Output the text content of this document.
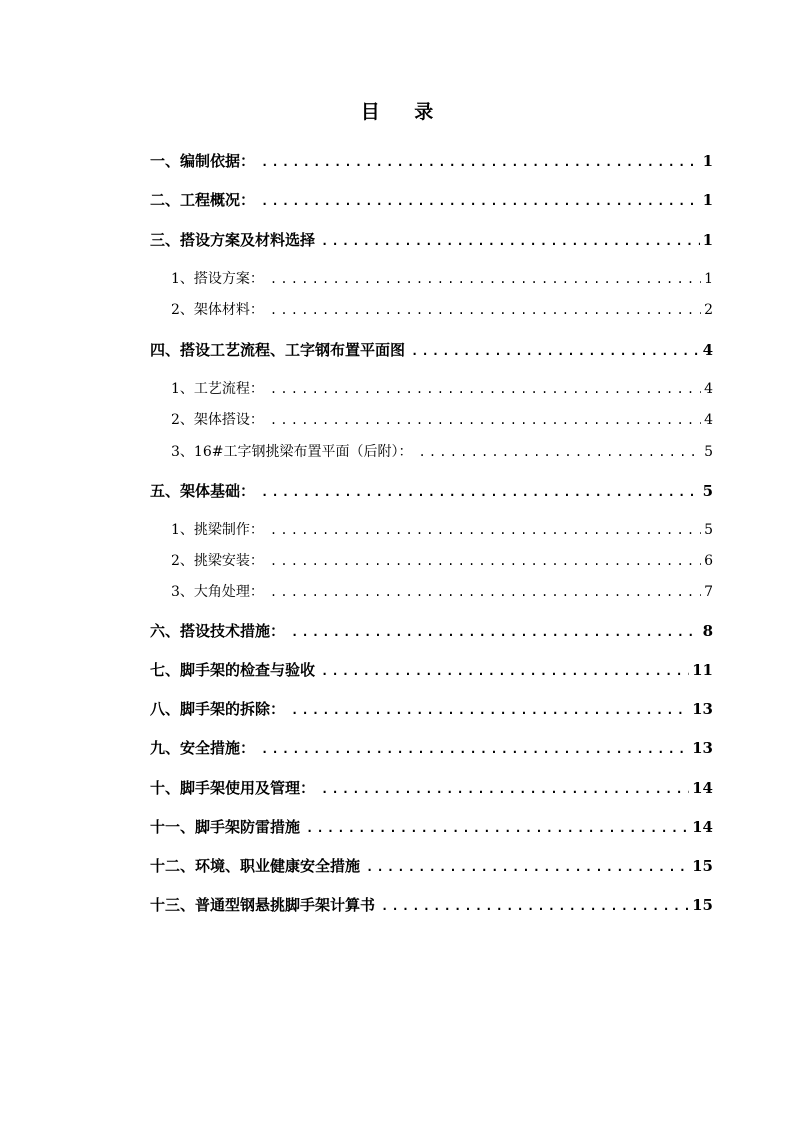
目 录
一、编制依据： .....	1
二、工程概况： .....	1
三、搭设方案及材料选择 .....	1
1、搭设方案： .....	1
2、架体材料： .....	2
四、搭设工艺流程、工字钢布置平面图 .....	4
1、工艺流程： .....	4
2、架体搭设： .....	4
3、16#工字钢挑梁布置平面（后附）： .....	5
五、架体基础： .....	5
1、挑梁制作： .....	5
2、挑梁安装： .....	6
3、大角处理： .....	7
六、搭设技术措施： .....	8
七、脚手架的检查与验收 .....	11
八、脚手架的拆除： .....	13
九、安全措施： .....	13
十、脚手架使用及管理： .....	14
十一、脚手架防雷措施 .....	14
十二、环境、职业健康安全措施 .....	15
十三、普通型钢悬挑脚手架计算书 .....	15
